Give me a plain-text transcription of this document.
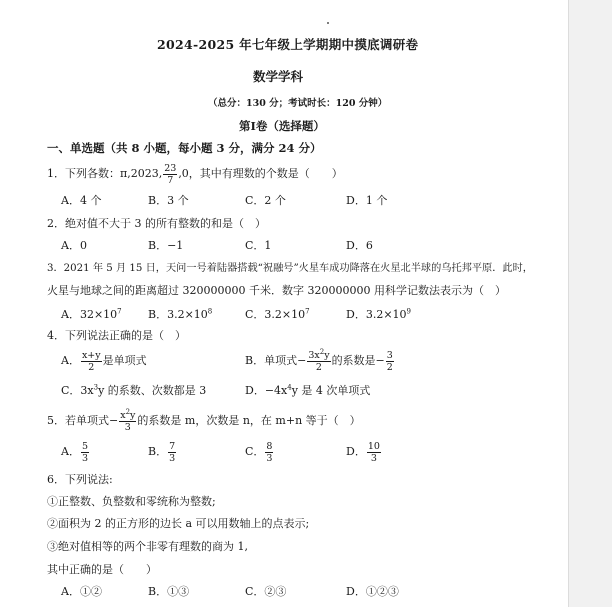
2024-2025 年七年级上学期期中摸底调研卷
数学学科
（总分：130 分；考试时长：120 分钟）
第Ⅰ卷（选择题）
一、单选题（共 8 小题，每小题 3 分，满分 24 分）
1．下列各数：π,2023, $\frac{23}{7} ,0$，其中有理数的个数是（　　）
A．4 个	B．3 个	C．2 个	D．1 个
2．绝对值不大于 3 的所有整数的和是（　）
A．0	B．−1	C．1	D．6
3．2021 年 5 月 15 日，天问一号着陆器搭载“祝融号”火星车成功降落在火星北半球的乌托邦平原．此时，
火星与地球之间的距离超过 320000000 千米．数字 320000000 用科学记数法表示为（　）
A．$32\times 10^7$ B．$3.2\times 10^8$	C．$3.2\times 10^7$	D．$3.2\times 10^9$
4．下列说法正确的是（　）
A． $\frac{x+y}{2}$ 是单项式	B．单项式− $\frac{3x^2y}{2}$ 的系数是− $\frac{3}{2}$
C．$3x^3y$ 的系数、次数都是 3	D．$-4x^4y$ 是 4 次单项式
5．若单项式− $\frac{x^2y}{3}$ 的系数是 m，次数是 n，在 m+n 等于（　）
A． $\frac{5}{3}$	B． $\frac{7}{3}$	C． $\frac{8}{3}$	D． $\frac{10}{3}$
6．下列说法:
①正整数、负整数和零统称为整数;
②面积为 2 的正方形的边长 a 可以用数轴上的点表示;
③绝对值相等的两个非零有理数的商为 1,
其中正确的是（　　）
A．①②	B．①③	C．②③	D．①②③
